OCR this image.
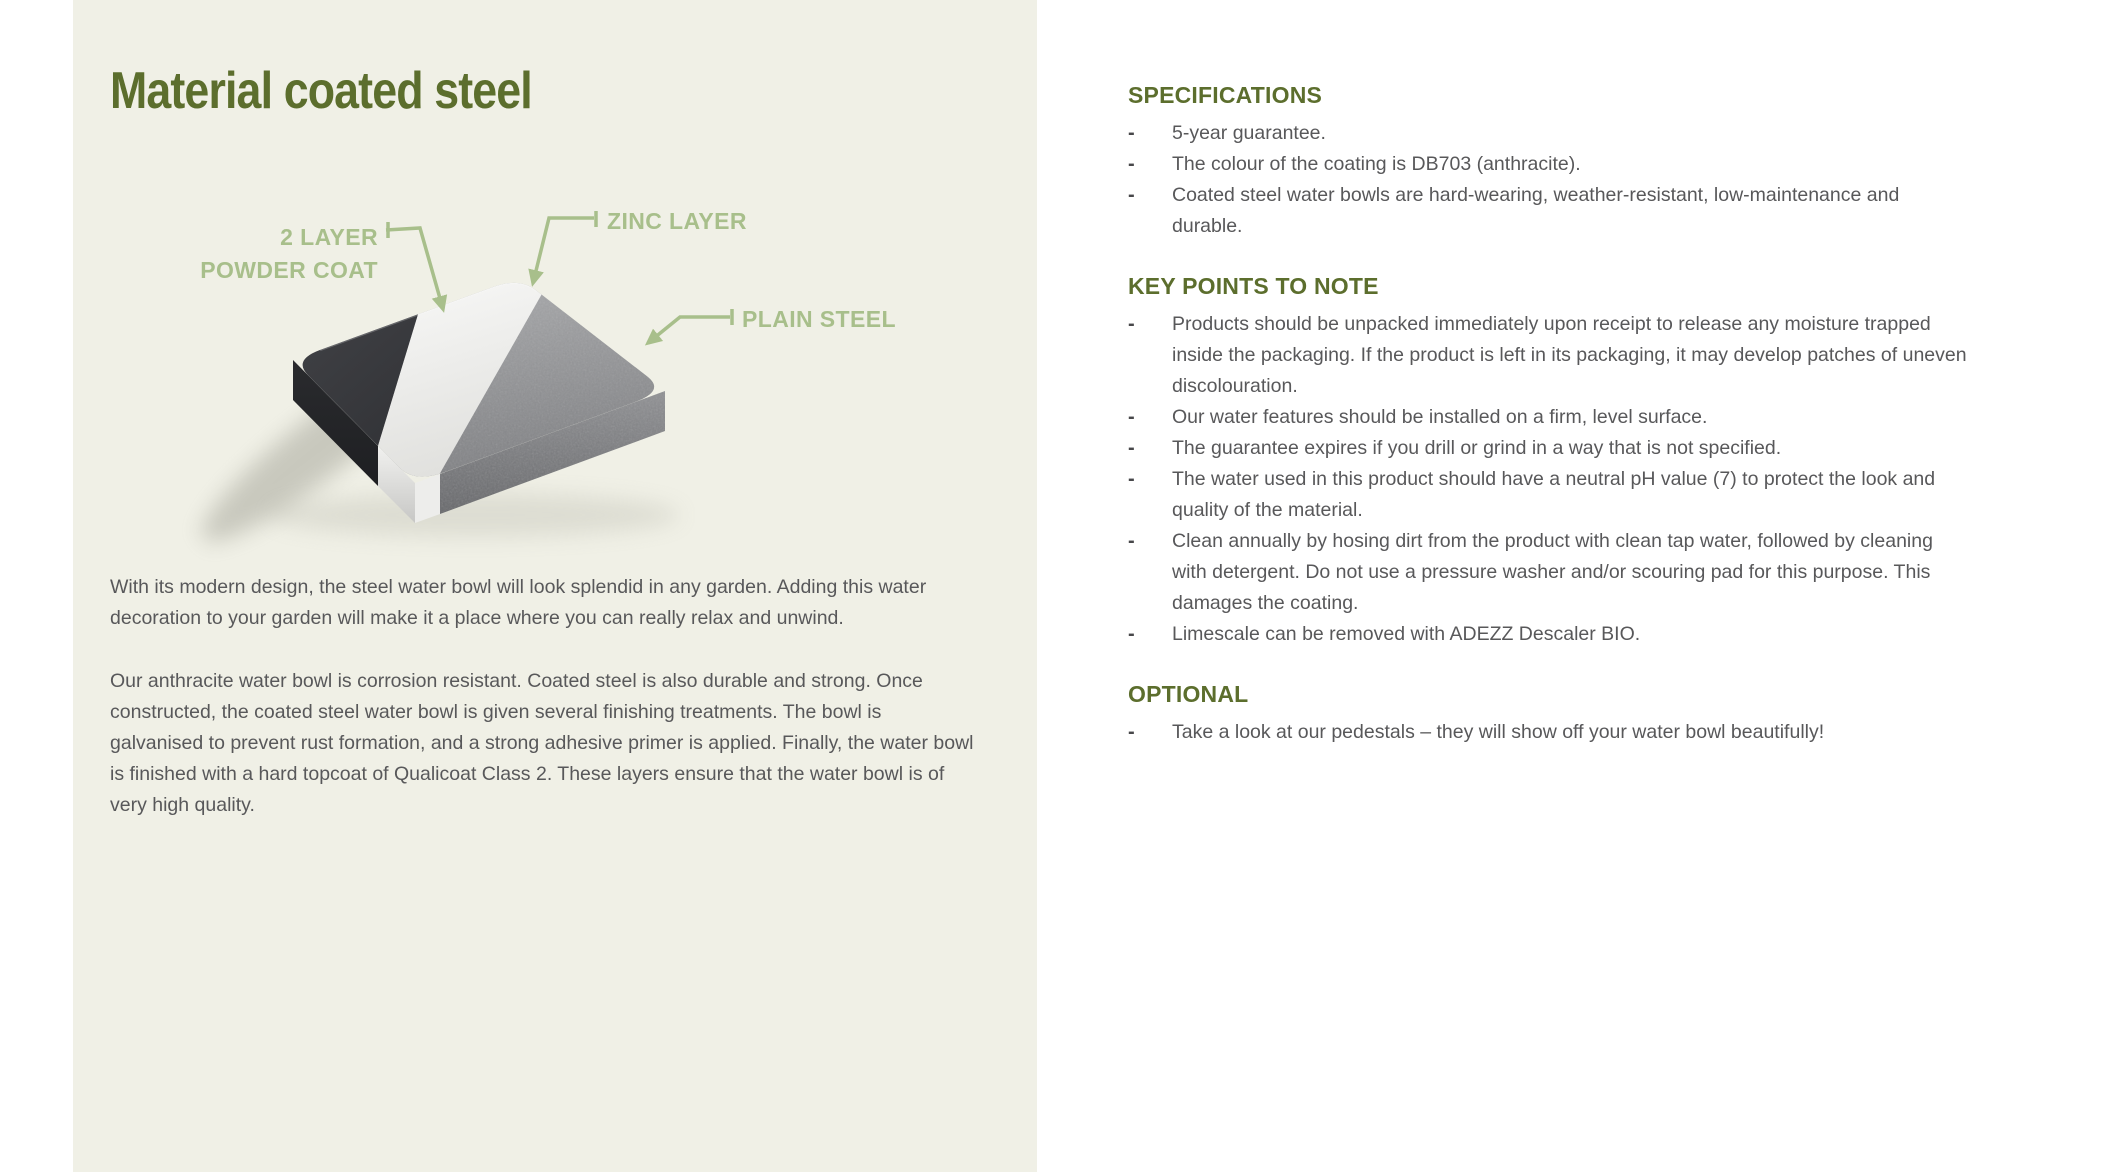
Material coated steel
2 LAYER
POWDER COAT
ZINC LAYER
PLAIN STEEL

With its modern design, the steel water bowl will look splendid in any garden. Adding this water decoration to your garden will make it a place where you can really relax and unwind.

Our anthracite water bowl is corrosion resistant. Coated steel is also durable and strong. Once constructed, the coated steel water bowl is given several finishing treatments. The bowl is galvanised to prevent rust formation, and a strong adhesive primer is applied. Finally, the water bowl is finished with a hard topcoat of Qualicoat Class 2. These layers ensure that the water bowl is of very high quality.

SPECIFICATIONS
-	5-year guarantee.
-	The colour of the coating is DB703 (anthracite).
-	Coated steel water bowls are hard-wearing, weather-resistant, low-maintenance and durable.
KEY POINTS TO NOTE
-	Products should be unpacked immediately upon receipt to release any moisture trapped inside the packaging. If the product is left in its packaging, it may develop patches of uneven discolouration.
-	Our water features should be installed on a firm, level surface.
-	The guarantee expires if you drill or grind in a way that is not specified.
-	The water used in this product should have a neutral pH value (7) to protect the look and quality of the material.
-	Clean annually by hosing dirt from the product with clean tap water, followed by cleaning with detergent. Do not use a pressure washer and/or scouring pad for this purpose. This damages the coating.
-	Limescale can be removed with ADEZZ Descaler BIO.
OPTIONAL
-	Take a look at our pedestals – they will show off your water bowl beautifully!
